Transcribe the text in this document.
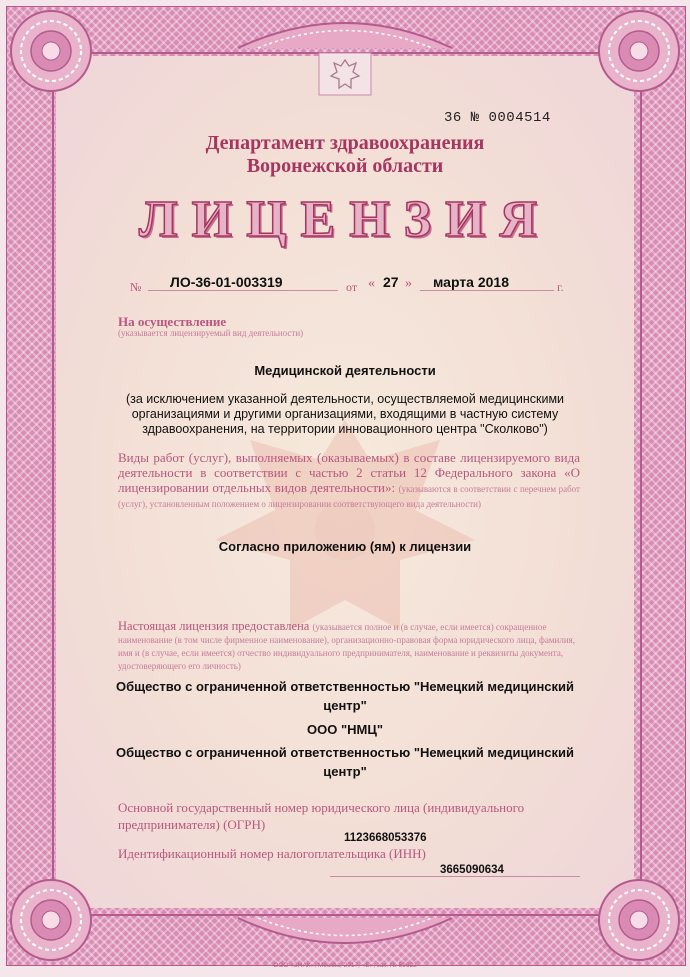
36 № 0004514
Департамент здравоохранения
Воронежской области
ЛИЦЕНЗИЯ
№ ЛО-36-01-003319	от « 27 » марта 2018	г.
На осуществление
(указывается лицензируемый вид деятельности)
Медицинской деятельности
(за исключением указанной деятельности, осуществляемой медицинскими организациями и другими организациями, входящими в частную систему здравоохранения, на территории инновационного центра "Сколково")
Виды работ (услуг), выполняемых (оказываемых) в составе лицензируемого вида деятельности в соответствии с частью 2 статьи 12 Федерального закона «О лицензировании отдельных видов деятельности»: (указываются в соответствии с перечнем работ (услуг), установленным положением о лицензировании соответствующего вида деятельности)
Согласно приложению (ям) к лицензии
Настоящая лицензия предоставлена (указывается полное и (в случае, если имеется) сокращенное наименование (в том числе фирменное наименование), организационно-правовая форма юридического лица, фамилия, имя и (в случае, если имеется) отчество индивидуального предпринимателя, наименование и реквизиты документа, удостоверяющего его личность)
Общество с ограниченной ответственностью "Немецкий медицинский
центр"
ООО "НМЦ"
Общество с ограниченной ответственностью "Немецкий медицинский
центр"
Основной государственный номер юридического лица (индивидуального предпринимателя) (ОГРН)
1123668053376
Идентификационный номер налогоплательщика (ИНН)
3665090634
ООО «ЗНАК», Москва, 2017, «Б», зак. № 59622
